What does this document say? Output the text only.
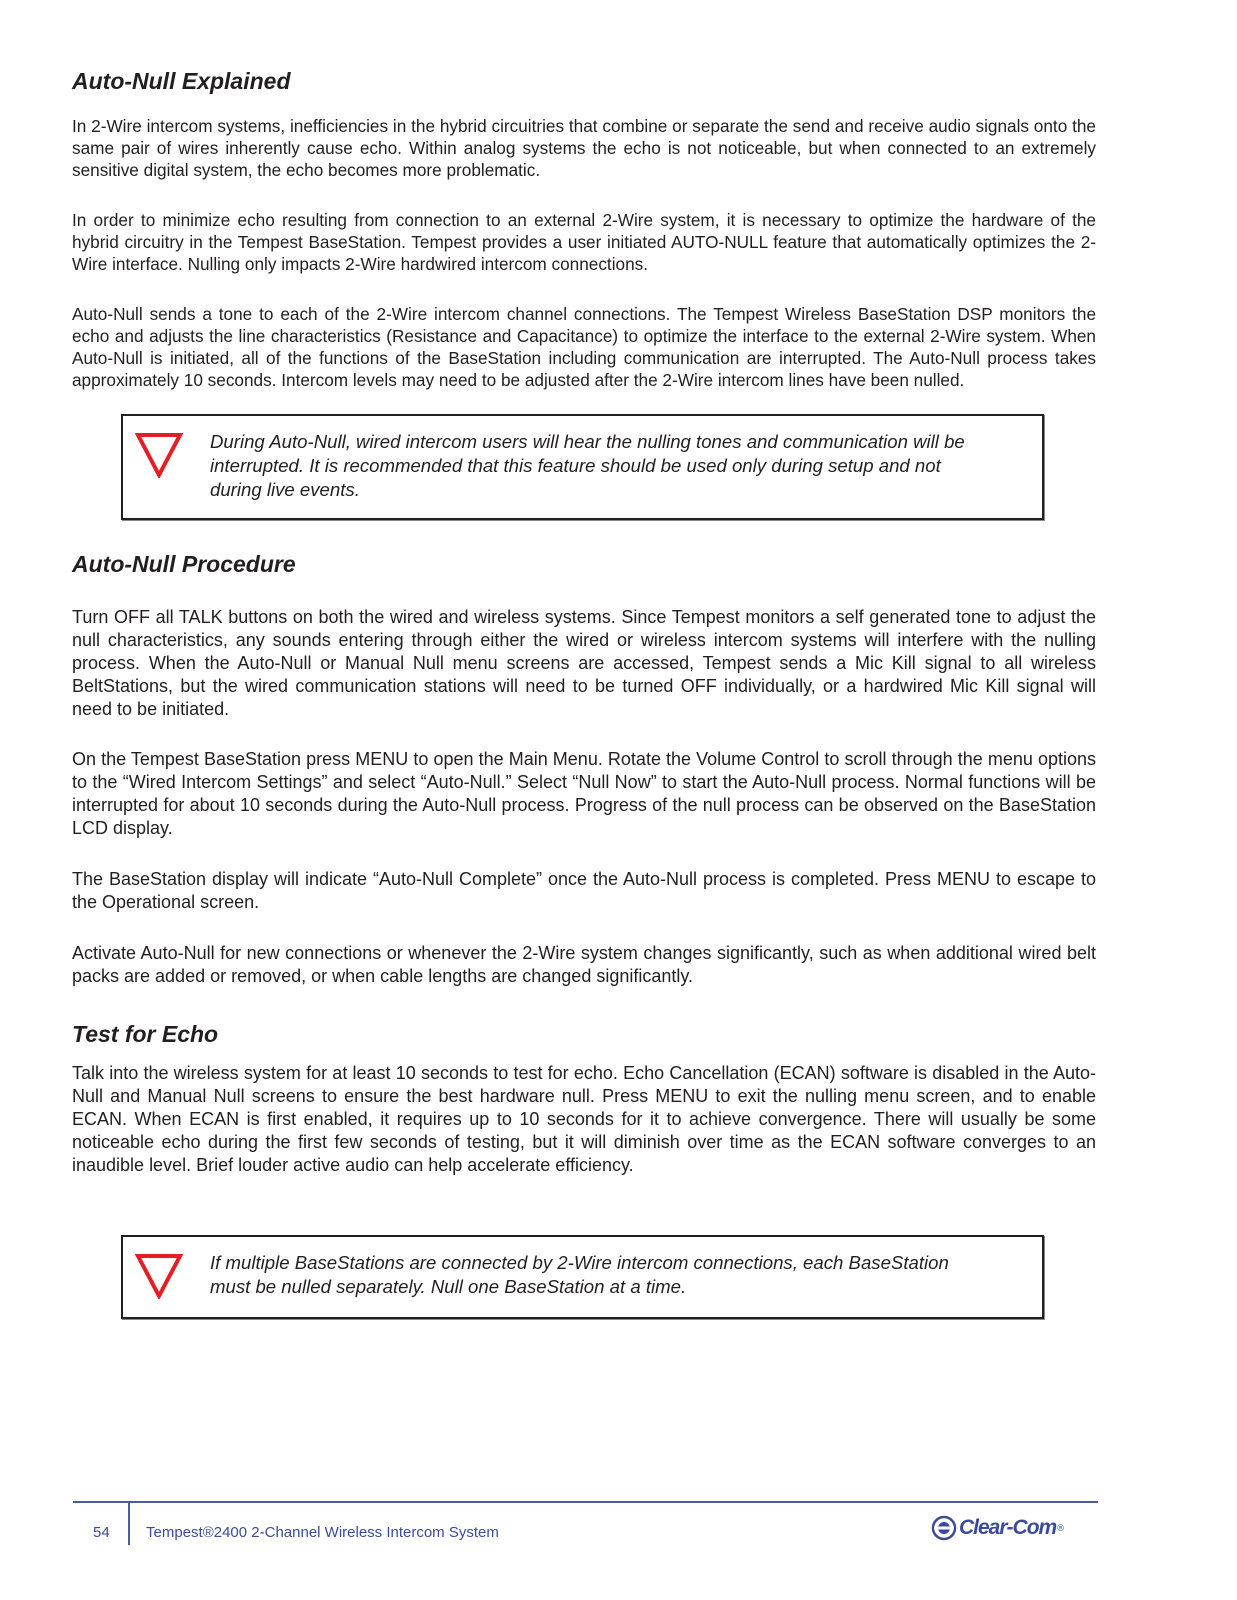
Auto-Null Explained

In 2-Wire intercom systems, inefficiencies in the hybrid circuitries that combine or separate the send and receive audio signals onto the same pair of wires inherently cause echo. Within analog systems the echo is not noticeable, but when connected to an extremely sensitive digital system, the echo becomes more problematic.

In order to minimize echo resulting from connection to an external 2-Wire system, it is necessary to optimize the hardware of the hybrid circuitry in the Tempest BaseStation. Tempest provides a user initiated AUTO-NULL feature that automatically optimizes the 2-Wire interface. Nulling only impacts 2-Wire hardwired intercom connections.

Auto-Null sends a tone to each of the 2-Wire intercom channel connections. The Tempest Wireless BaseStation DSP monitors the echo and adjusts the line characteristics (Resistance and Capacitance) to optimize the interface to the external 2-Wire system. When Auto-Null is initiated, all of the functions of the BaseStation including communication are interrupted. The Auto-Null process takes approximately 10 seconds. Intercom levels may need to be adjusted after the 2-Wire intercom lines have been nulled.

During Auto-Null, wired intercom users will hear the nulling tones and communication will be interrupted. It is recommended that this feature should be used only during setup and not during live events.
Auto-Null Procedure

Turn OFF all TALK buttons on both the wired and wireless systems. Since Tempest monitors a self generated tone to adjust the null characteristics, any sounds entering through either the wired or wireless intercom systems will interfere with the nulling process. When the Auto-Null or Manual Null menu screens are accessed, Tempest sends a Mic Kill signal to all wireless BeltStations, but the wired communication stations will need to be turned OFF individually, or a hardwired Mic Kill signal will need to be initiated.

On the Tempest BaseStation press MENU to open the Main Menu. Rotate the Volume Control to scroll through the menu options to the “Wired Intercom Settings” and select “Auto-Null.” Select “Null Now” to start the Auto-Null process. Normal functions will be interrupted for about 10 seconds during the Auto-Null process. Progress of the null process can be observed on the BaseStation LCD display.

The BaseStation display will indicate “Auto-Null Complete” once the Auto-Null process is completed. Press MENU to escape to the Operational screen.

Activate Auto-Null for new connections or whenever the 2-Wire system changes significantly, such as when additional wired belt packs are added or removed, or when cable lengths are changed significantly.

Test for Echo

Talk into the wireless system for at least 10 seconds to test for echo. Echo Cancellation (ECAN) software is disabled in the Auto-Null and Manual Null screens to ensure the best hardware null. Press MENU to exit the nulling menu screen, and to enable ECAN. When ECAN is first enabled, it requires up to 10 seconds for it to achieve convergence. There will usually be some noticeable echo during the first few seconds of testing, but it will diminish over time as the ECAN software converges to an inaudible level. Brief louder active audio can help accelerate efficiency.

If multiple BaseStations are connected by 2-Wire intercom connections, each BaseStation must be nulled separately. Null one BaseStation at a time.
54 Tempest®2400 2-Channel Wireless Intercom System	Clear-Com ®
